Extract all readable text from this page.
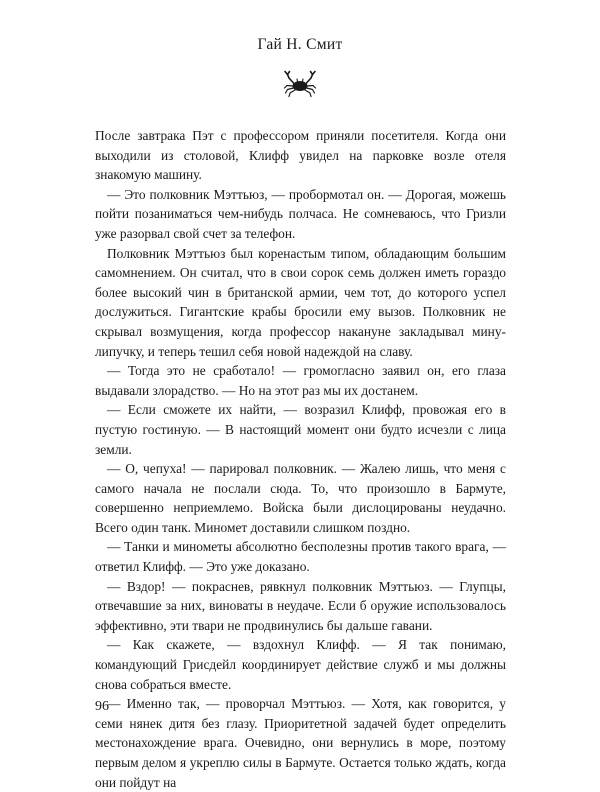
Гай Н. Смит

После завтрака Пэт с профессором приняли посетителя. Когда они выходили из столовой, Клифф увидел на парковке возле отеля знакомую машину.

— Это полковник Мэттьюз, — пробормотал он. — Дорогая, можешь пойти позаниматься чем-нибудь полчаса. Не сомневаюсь, что Гризли уже разорвал свой счет за телефон.

Полковник Мэттьюз был коренастым типом, обладающим большим самомнением. Он считал, что в свои сорок семь должен иметь гораздо более высокий чин в британской армии, чем тот, до которого успел дослужиться. Гигантские крабы бросили ему вызов. Полковник не скрывал возмущения, когда профессор накануне закладывал мину-липучку, и теперь тешил себя новой надеждой на славу.

— Тогда это не сработало! — громогласно заявил он, его глаза выдавали злорадство. — Но на этот раз мы их достанем.

— Если сможете их найти, — возразил Клифф, провожая его в пустую гостиную. — В настоящий момент они будто исчезли с лица земли.

— О, чепуха! — парировал полковник. — Жалею лишь, что меня с самого начала не послали сюда. То, что произошло в Бармуте, совершенно неприемлемо. Войска были дислоцированы неудачно. Всего один танк. Миномет доставили слишком поздно.

— Танки и минометы абсолютно бесполезны против такого врага, — ответил Клифф. — Это уже доказано.

— Вздор! — покраснев, рявкнул полковник Мэттьюз. — Глупцы, отвечавшие за них, виноваты в неудаче. Если б оружие использовалось эффективно, эти твари не продвинулись бы дальше гавани.

— Как скажете, — вздохнул Клифф. — Я так понимаю, командующий Грисдейл координирует действие служб и мы должны снова собраться вместе.

— Именно так, — проворчал Мэттьюз. — Хотя, как говорится, у семи нянек дитя без глазу. Приоритетной задачей будет определить местонахождение врага. Очевидно, они вернулись в море, поэтому первым делом я укреплю силы в Бармуте. Остается только ждать, когда они пойдут на

96
